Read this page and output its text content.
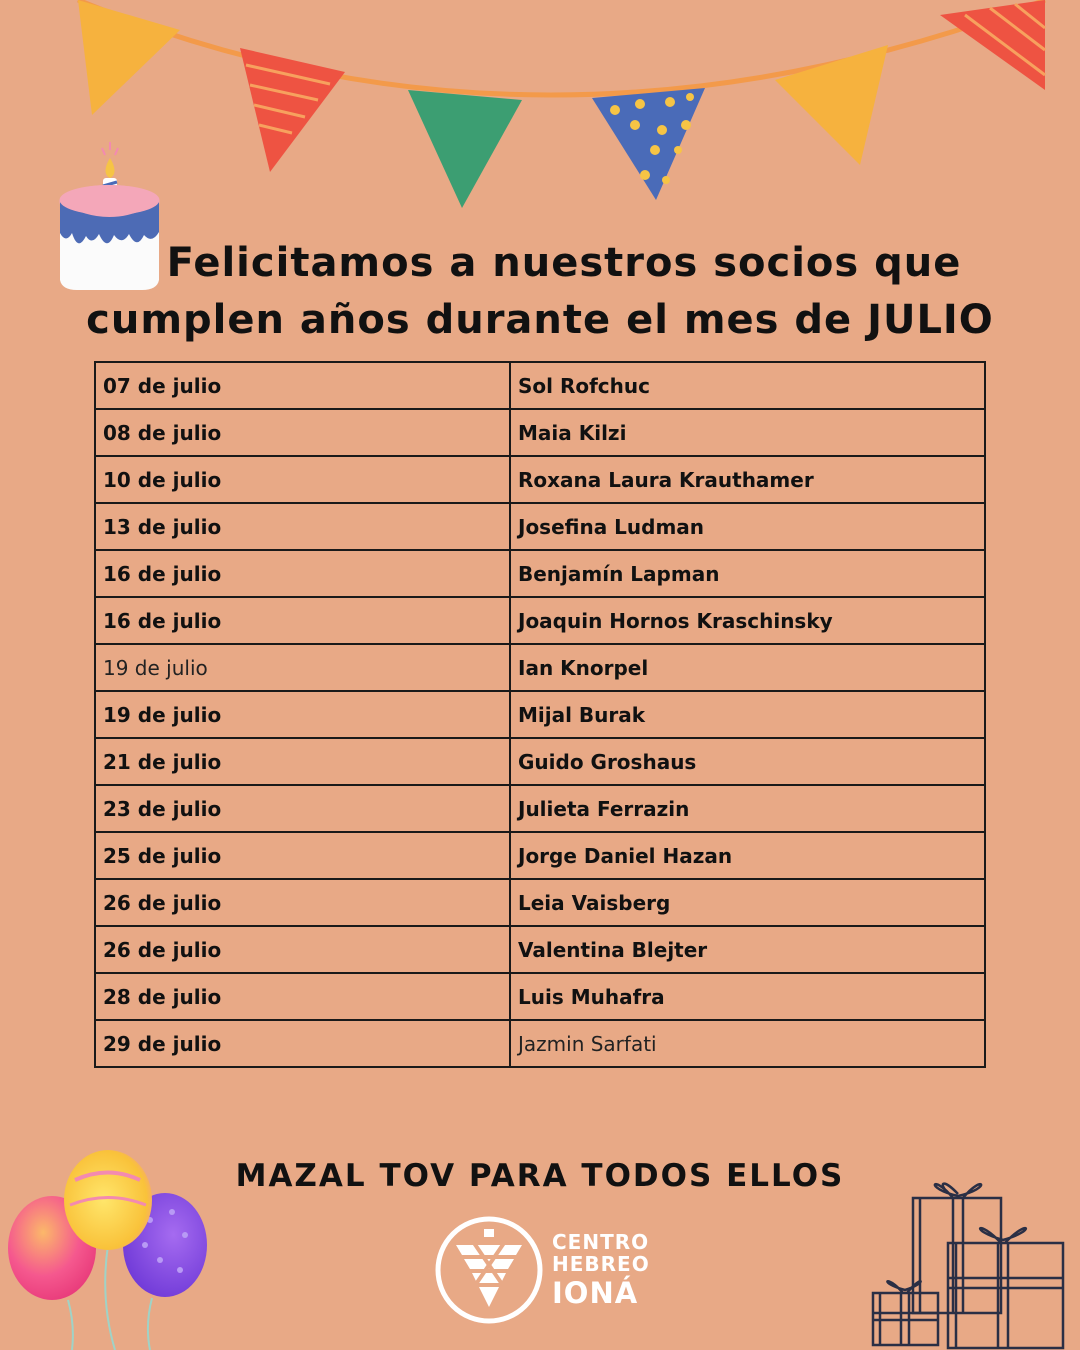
Felicitamos a nuestros socios que
cumplen años durante el mes de JULIO
07 de julio	Sol Rofchuc
08 de julio	Maia Kilzi
10 de julio	Roxana Laura Krauthamer
13 de julio	Josefina Ludman
16 de julio	Benjamín Lapman
16 de julio	Joaquin Hornos Kraschinsky
19 de julio	Ian Knorpel
19 de julio	Mijal Burak
21 de julio	Guido Groshaus
23 de julio	Julieta Ferrazin
25 de julio	Jorge Daniel Hazan
26 de julio	Leia Vaisberg
26 de julio	Valentina Blejter
28 de julio	Luis Muhafra
29 de julio	Jazmin Sarfati
MAZAL TOV PARA TODOS ELLOS
CENTRO
HEBREO
IONÁ
